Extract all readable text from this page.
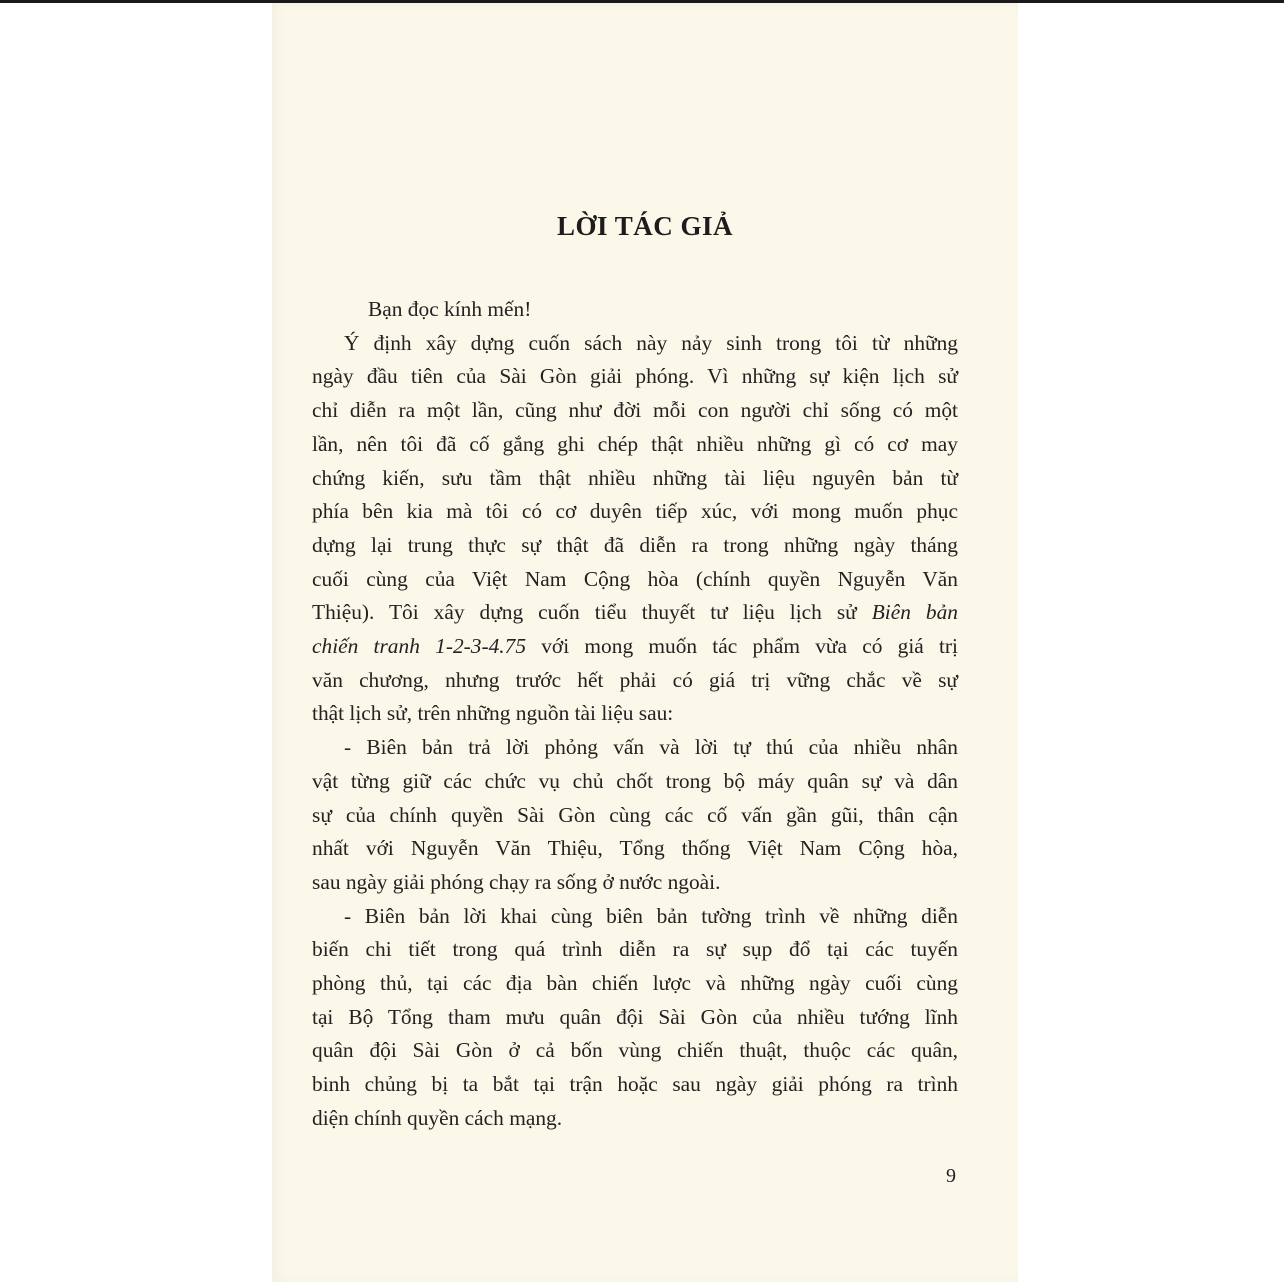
LỜI TÁC GIẢ
Bạn đọc kính mến!
Ý định xây dựng cuốn sách này nảy sinh trong tôi từ những
ngày đầu tiên của Sài Gòn giải phóng. Vì những sự kiện lịch sử
chỉ diễn ra một lần, cũng như đời mỗi con người chỉ sống có một
lần, nên tôi đã cố gắng ghi chép thật nhiều những gì có cơ may
chứng kiến, sưu tầm thật nhiều những tài liệu nguyên bản từ
phía bên kia mà tôi có cơ duyên tiếp xúc, với mong muốn phục
dựng lại trung thực sự thật đã diễn ra trong những ngày tháng
cuối cùng của Việt Nam Cộng hòa (chính quyền Nguyễn Văn
Thiệu). Tôi xây dựng cuốn tiểu thuyết tư liệu lịch sử Biên bản
chiến tranh 1-2-3-4.75 với mong muốn tác phẩm vừa có giá trị
văn chương, nhưng trước hết phải có giá trị vững chắc về sự
thật lịch sử, trên những nguồn tài liệu sau:
- Biên bản trả lời phỏng vấn và lời tự thú của nhiều nhân
vật từng giữ các chức vụ chủ chốt trong bộ máy quân sự và dân
sự của chính quyền Sài Gòn cùng các cố vấn gần gũi, thân cận
nhất với Nguyễn Văn Thiệu, Tổng thống Việt Nam Cộng hòa,
sau ngày giải phóng chạy ra sống ở nước ngoài.
- Biên bản lời khai cùng biên bản tường trình về những diễn
biến chi tiết trong quá trình diễn ra sự sụp đổ tại các tuyến
phòng thủ, tại các địa bàn chiến lược và những ngày cuối cùng
tại Bộ Tổng tham mưu quân đội Sài Gòn của nhiều tướng lĩnh
quân đội Sài Gòn ở cả bốn vùng chiến thuật, thuộc các quân,
binh chủng bị ta bắt tại trận hoặc sau ngày giải phóng ra trình
diện chính quyền cách mạng.
9
